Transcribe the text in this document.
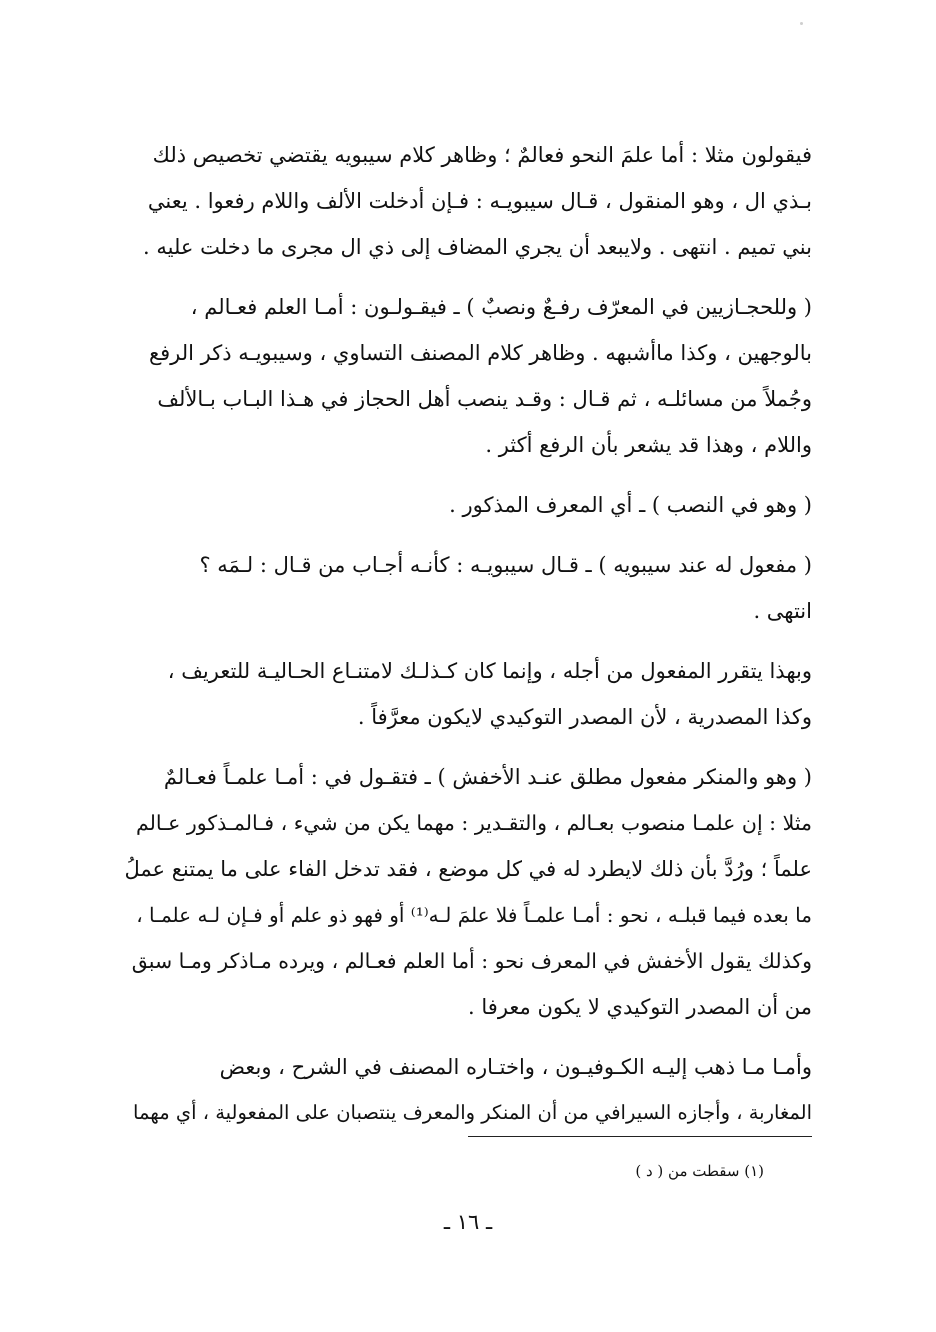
فيقولون مثلا : أما علمَ النحو فعالمٌ ؛ وظاهر كلام سيبويه يقتضي تخصيص ذلك
بـذي ال ، وهو المنقول ، قـال سيبويـه : فـإن أدخلت الألف واللام رفعوا . يعني
بني تميم . انتهى . ولايبعد أن يجري المضاف إلى ذي ال مجرى ما دخلت عليه .

( وللحجـازيين في المعرّف رفـعٌ ونصبٌ ) ـ فيقـولـون : أمـا العلم فعـالم ،
بالوجهين ، وكذا ماأشبهه . وظاهر كلام المصنف التساوي ، وسيبويـه ذكر الرفع
وجُملاً من مسائلـه ، ثم قـال : وقـد ينصب أهل الحجاز في هـذا البـاب بـالألف
واللام ، وهذا قد يشعر بأن الرفع أكثر .

( وهو في النصب ) ـ أي المعرف المذكور .

( مفعول له عند سيبويه ) ـ قـال سيبويـه : كأنـه أجـاب من قـال : لـمَه ؟
انتهى .

وبهذا يتقرر المفعول من أجله ، وإنما كان كـذلـك لامتنـاع الحـاليـة للتعريف ،
وكذا المصدرية ، لأن المصدر التوكيدي لايكون معرَّفاً .

( وهو والمنكر مفعول مطلق عنـد الأخفش ) ـ فتقـول في : أمـا علمـاً فعـالمٌ
مثلا : إن علمـا منصوب بعـالم ، والتقـدير : مهما يكن من شيء ، فـالمـذكور عـالم
علماً ؛ ورُدَّ بأن ذلك لايطرد له في كل موضع ، فقد تدخل الفاء على ما يمتنع عملُ
ما بعده فيما قبلـه ، نحو : أمـا علمـاً فلا علمَ لـه⁽¹⁾ أو فهو ذو علم أو فـإن لـه علمـا ،
وكذلك يقول الأخفش في المعرف نحو : أما العلم فعـالم ، ويرده مـاذكر ومـا سبق
من أن المصدر التوكيدي لا يكون معرفا .

وأمـا مـا ذهب إليـه الكـوفيـون ، واختـاره المصنف في الشرح ، وبعض
المغاربة ، وأجازه السيرافي من أن المنكر والمعرف ينتصبان على المفعولية ، أي مهما

(١) سقطت من ( د )
ـ ١٦ ـ
